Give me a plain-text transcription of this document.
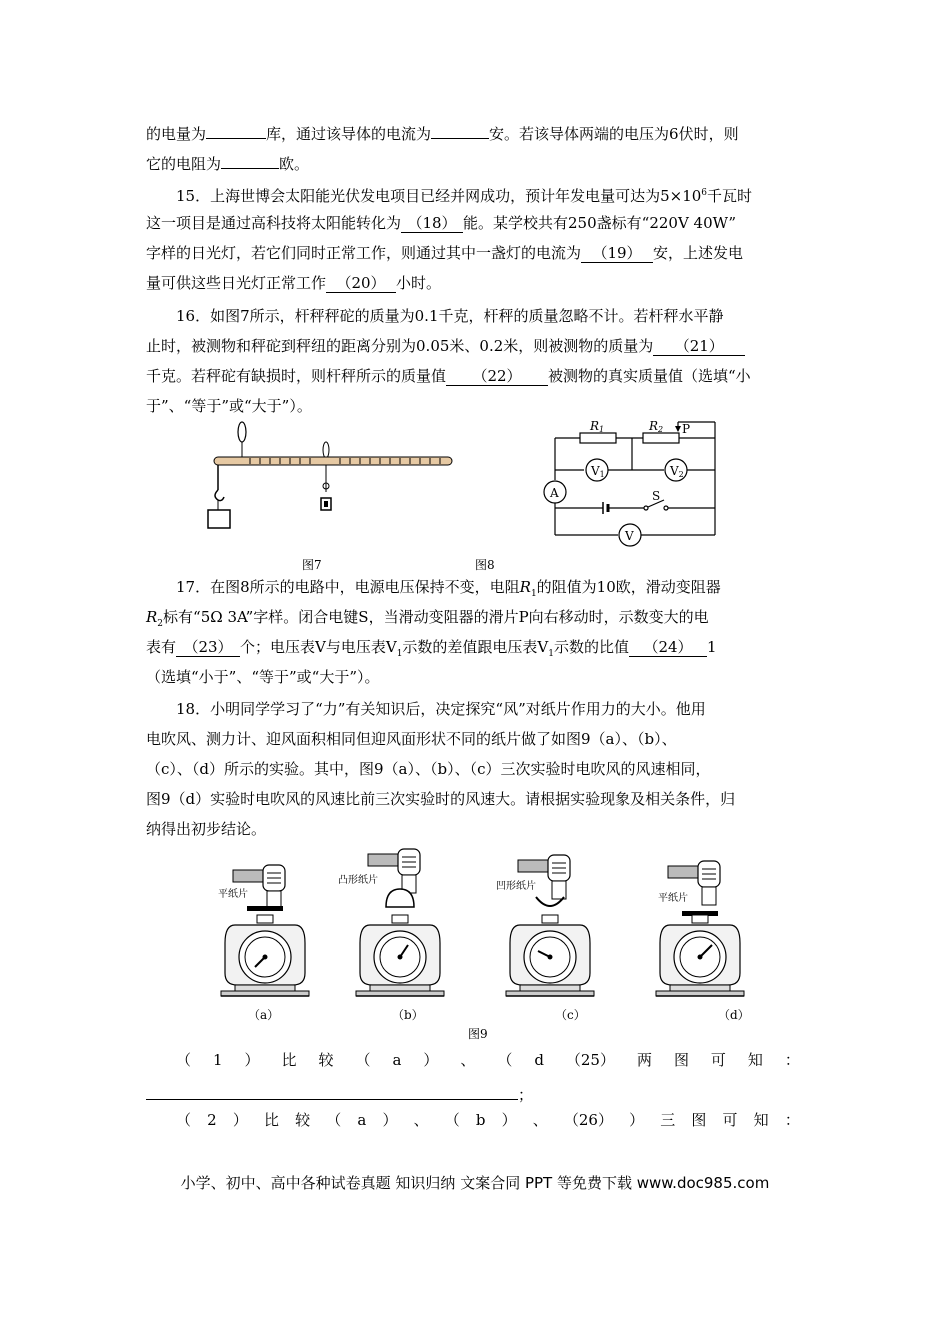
的电量为	库，通过该导体的电流为	安。若该导体两端的电压为6伏时，则
它的电阻为	欧。
15．上海世博会太阳能光伏发电项目已经并网成功，预计年发电量可达为$5\times 10^6$千瓦时
这一项目是通过高科技将太阳能转化为 （18） 能。某学校共有250盏标有“220V 40W”
字样的日光灯，若它们同时正常工作，则通过其中一盏灯的电流为 （19） 安，上述发电
量可供这些日光灯正常工作 （20） 小时。
16．如图7所示，杆秤秤砣的质量为0.1千克，杆秤的质量忽略不计。若杆秤水平静
止时，被测物和秤砣到秤纽的距离分别为0.05米、0.2米，则被测物的质量为 （21）
千克。若秤砣有缺损时，则杆秤所示的质量值 （22） 被测物的真实质量值（选填“小
于”、“等于”或“大于”）。
R1	R2 P
V1	V2
A	S
V
图7	图8
17．在图8所示的电路中，电源电压保持不变，电阻$R_1$的阻值为10欧，滑动变阻器
$R_2$标有“5Ω 3A”字样。闭合电键S，当滑动变阻器的滑片P向右移动时，示数变大的电
表有 （23） 个；电压表V与电压表$V_1$示数的差值跟电压表$V_1$示数的比值 （24） 1
（选填“小于”、“等于”或“大于”）。
18．小明同学学习了“力”有关知识后，决定探究“风”对纸片作用力的大小。他用
电吹风、测力计、迎风面积相同但迎风面形状不同的纸片做了如图9（a）、（b）、
（c）、（d）所示的实验。其中，图9（a）、（b）、（c）三次实验时电吹风的风速相同，
图9（d）实验时电吹风的风速比前三次实验时的风速大。请根据实验现象及相关条件，归
纳得出初步结论。
平纸片
凸形纸片
凹形纸片
平纸片
（a）	（b）	（c）	（d）
图9
（ 1 ） 比 较 （ a ） 、 （ d （25） 两 图 可 知 ：
；
（ 2 ） 比 较 （ a ） 、 （ b ） 、 （26） ） 三 图 可 知 ：
小学、初中、高中各种试卷真题 知识归纳 文案合同 PPT 等免费下载 www.doc985.com
